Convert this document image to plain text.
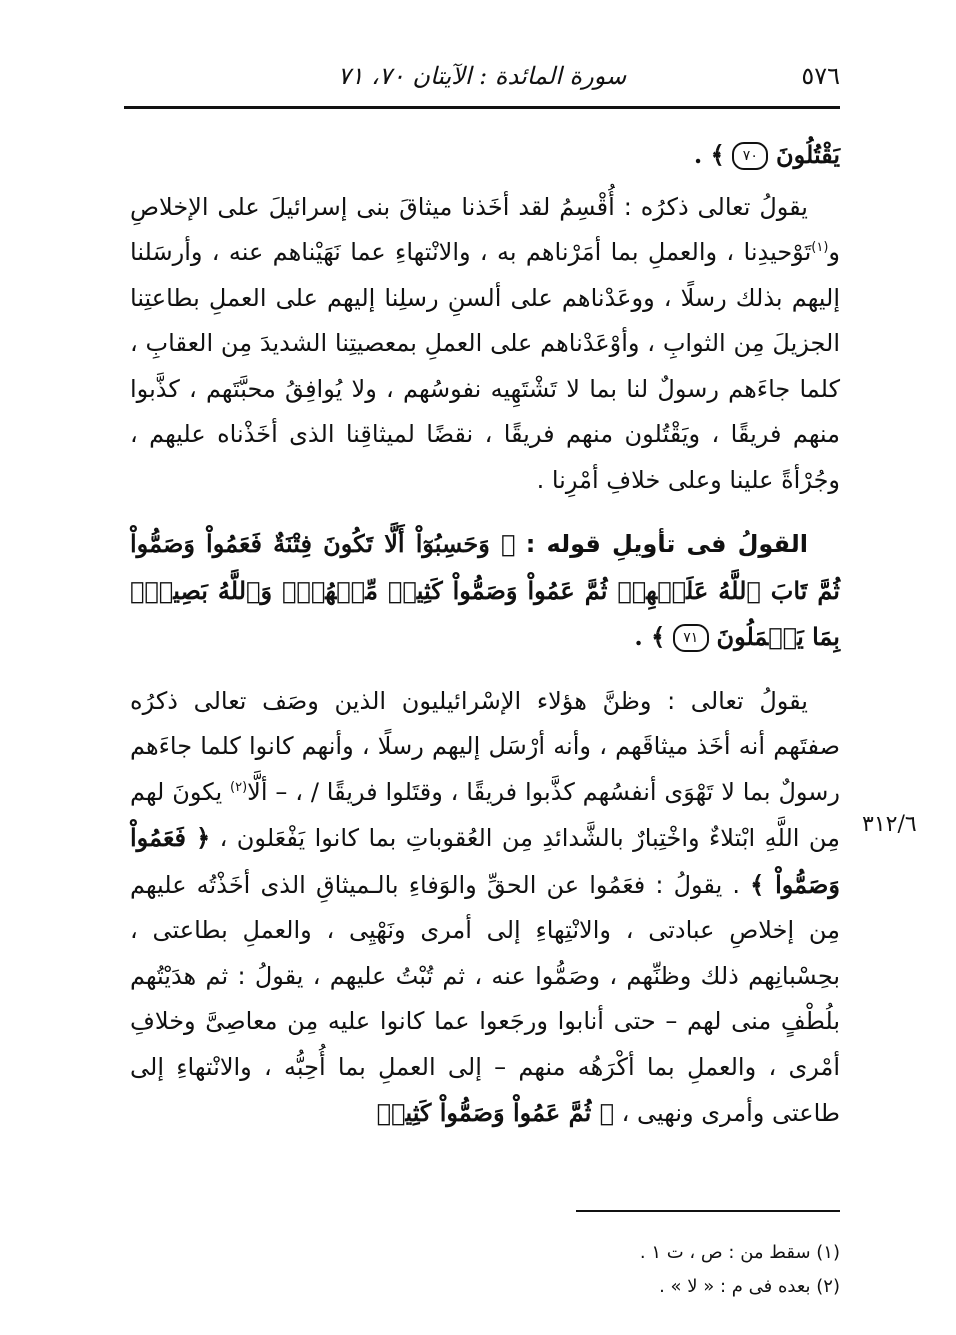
٥٧٦
سورة المائدة : الآيتان ٧٠، ٧١

يَقْتُلُونَ ٧٠ ﴾ .

يقولُ تعالى ذكرُه : أُقْسِمُ لقد أخَذنا ميثاقَ بنى إسرائيلَ على الإخلاصِ و$^{(١)}$تَوْحيدِنا ، والعملِ بما أمَرْناهم به ، والانْتهاءِ عما نَهَيْناهم عنه ، وأرسَلنا إليهم بذلك رسلًا ، ووعَدْناهم على ألسنِ رسلِنا إليهم على العملِ بطاعتِنا الجزيلَ مِن الثوابِ ، وأوْعَدْناهم على العملِ بمعصيتِنا الشديدَ مِن العقابِ ، كلما جاءَهم رسولٌ لنا بما لا تَشْتَهِيه نفوسُهم ، ولا يُوافِقُ محبَّتَهم ، كذَّبوا منهم فريقًا ، ويَقْتُلون منهم فريقًا ، نقضًا لميثاقِنا الذى أخَذْناه عليهم ، وجُرْأةً علينا وعلى خلافِ أمْرِنا .

القولُ فى تأويلِ قوله : ﴿ وَحَسِبُوٓاْ أَلَّا تَكُونَ فِتْنَةٌ فَعَمُواْ وَصَمُّواْ ثُمَّ تَابَ ٱللَّهُ عَلَيۡهِمۡ ثُمَّ عَمُواْ وَصَمُّواْ كَثِيرٞ مِّنۡهُمۡۚ وَٱللَّهُ بَصِيرُۢ بِمَا يَعۡمَلُونَ ٧١ ﴾ .

يقولُ تعالى : وظنَّ هؤلاء الإسْرائيليون الذين وصَف تعالى ذكرُه صفتَهم أنه أخَذ ميثاقَهم ، وأنه أرْسَل إليهم رسلًا ، وأنهم كانوا كلما جاءَهم رسولٌ بما لا تَهْوَى أنفسُهم كذَّبوا فريقًا ، وقتَلوا فريقًا / ، – ألَّا$^{(٢)}$ يكونَ لهم مِن اللَّهِ ابْتلاءٌ واخْتِبارٌ بالشَّدائدِ مِن العُقوباتِ بما كانوا يَفْعَلون ، ﴿ فَعَمُواْ وَصَمُّواْ ﴾ . يقولُ : فعَمُوا عن الحقِّ والوَفاءِ بالـميثاقِ الذى أخَذْتُه عليهم مِن إخلاصِ عبادتى ، والانْتِهاءِ إلى أمرى ونَهْيِى ، والعملِ بطاعتى ، بحِسْبانِهم ذلك وظنِّهم ، وصَمُّوا عنه ، ثم تُبْتُ عليهم ، يقولُ : ثم هدَيْتُهم بلُطْفٍ منى لهم – حتى أنابوا ورجَعوا عما كانوا عليه مِن معاصِىَّ وخلافِ أمْرى ، والعملِ بما أكْرَهُه منهم – إلى العملِ بما أُحِبُّه ، والانْتهاءِ إلى طاعتى وأمرى ونهيى ، ﴿ ثُمَّ عَمُواْ وَصَمُّواْ كَثِيرٞ

٣١٢/٦

(١) سقط من : ص ، ت ١ .

(٢) بعده فى م : « لا » .
